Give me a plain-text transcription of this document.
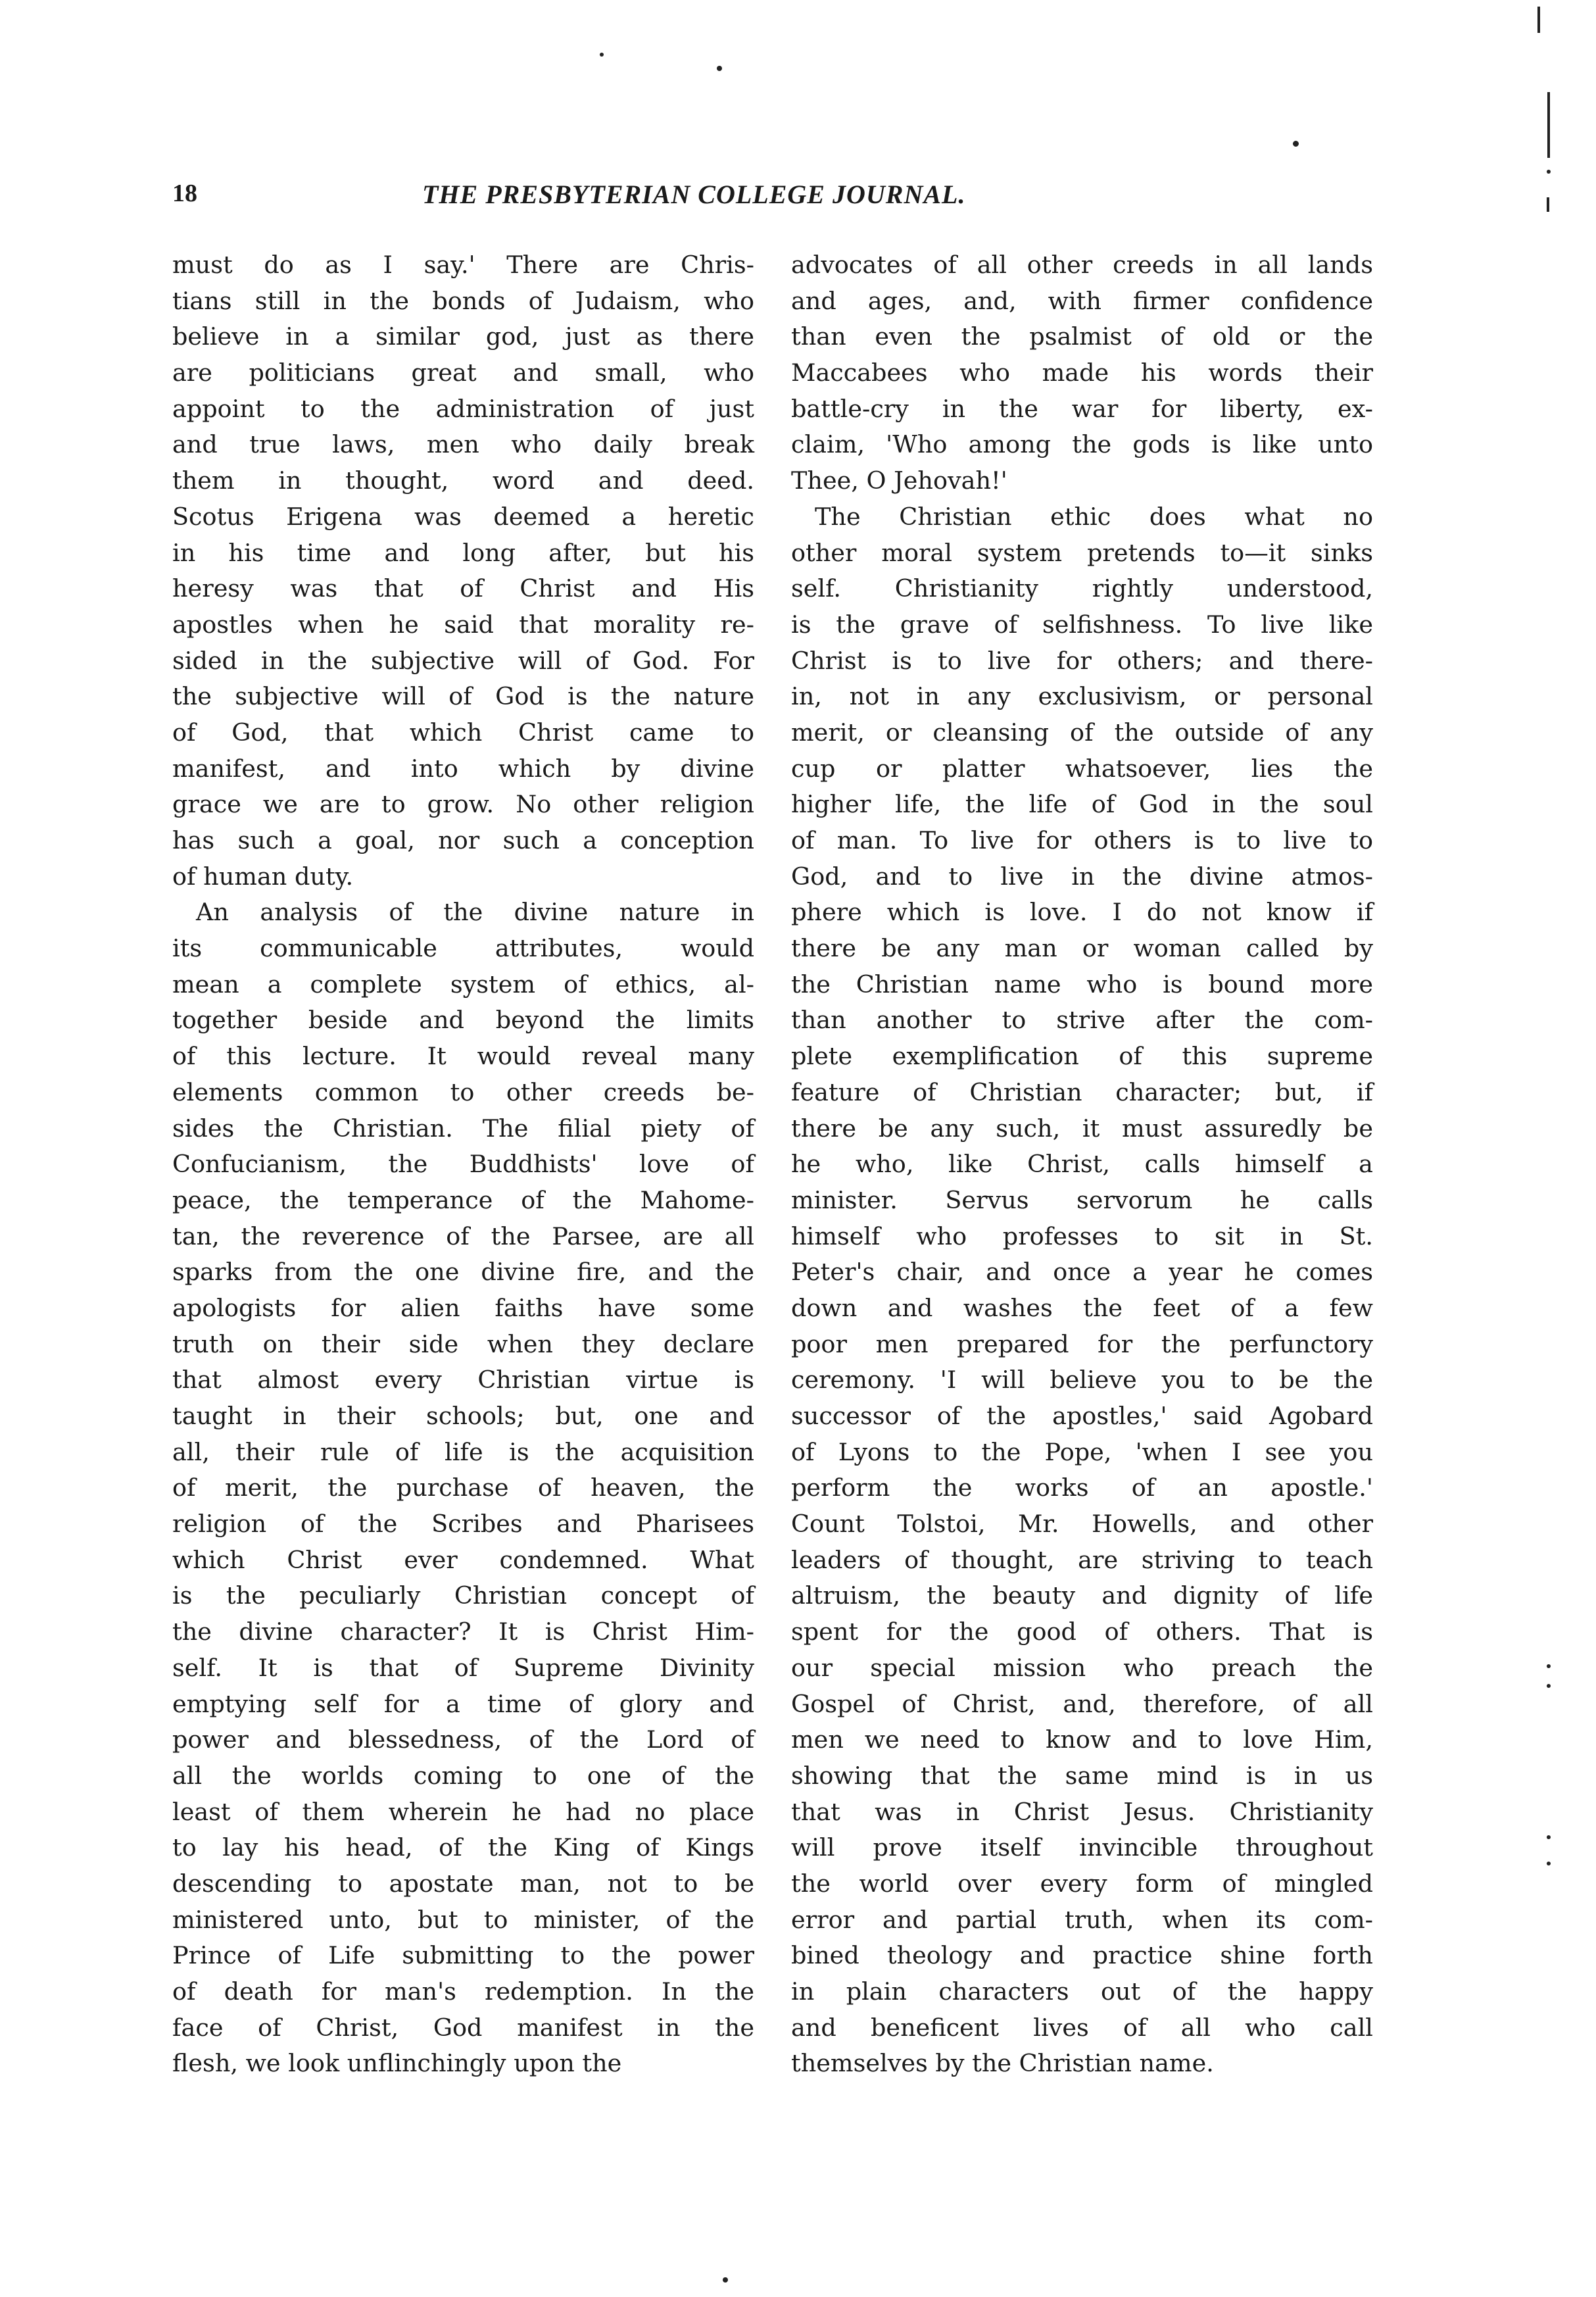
18	THE PRESBYTERIAN COLLEGE JOURNAL.
must do as I say.' There are Chris-
tians still in the bonds of Judaism, who
believe in a similar god, just as there
are politicians great and small, who
appoint to the administration of just
and true laws, men who daily break
them in thought, word and deed.
Scotus Erigena was deemed a heretic
in his time and long after, but his
heresy was that of Christ and His
apostles when he said that morality re-
sided in the subjective will of God. For
the subjective will of God is the nature
of God, that which Christ came to
manifest, and into which by divine
grace we are to grow. No other religion
has such a goal, nor such a conception
of human duty.
An analysis of the divine nature in
its communicable attributes, would
mean a complete system of ethics, al-
together beside and beyond the limits
of this lecture. It would reveal many
elements common to other creeds be-
sides the Christian. The filial piety of
Confucianism, the Buddhists' love of
peace, the temperance of the Mahome-
tan, the reverence of the Parsee, are all
sparks from the one divine fire, and the
apologists for alien faiths have some
truth on their side when they declare
that almost every Christian virtue is
taught in their schools; but, one and
all, their rule of life is the acquisition
of merit, the purchase of heaven, the
religion of the Scribes and Pharisees
which Christ ever condemned. What
is the peculiarly Christian concept of
the divine character? It is Christ Him-
self. It is that of Supreme Divinity
emptying self for a time of glory and
power and blessedness, of the Lord of
all the worlds coming to one of the
least of them wherein he had no place
to lay his head, of the King of Kings
descending to apostate man, not to be
ministered unto, but to minister, of the
Prince of Life submitting to the power
of death for man's redemption. In the
face of Christ, God manifest in the
flesh, we look unflinchingly upon the
advocates of all other creeds in all lands
and ages, and, with firmer confidence
than even the psalmist of old or the
Maccabees who made his words their
battle-cry in the war for liberty, ex-
claim, 'Who among the gods is like unto
Thee, O Jehovah!'
The Christian ethic does what no
other moral system pretends to—it sinks
self. Christianity rightly understood,
is the grave of selfishness. To live like
Christ is to live for others; and there-
in, not in any exclusivism, or personal
merit, or cleansing of the outside of any
cup or platter whatsoever, lies the
higher life, the life of God in the soul
of man. To live for others is to live to
God, and to live in the divine atmos-
phere which is love. I do not know if
there be any man or woman called by
the Christian name who is bound more
than another to strive after the com-
plete exemplification of this supreme
feature of Christian character; but, if
there be any such, it must assuredly be
he who, like Christ, calls himself a
minister. Servus servorum he calls
himself who professes to sit in St.
Peter's chair, and once a year he comes
down and washes the feet of a few
poor men prepared for the perfunctory
ceremony. 'I will believe you to be the
successor of the apostles,' said Agobard
of Lyons to the Pope, 'when I see you
perform the works of an apostle.'
Count Tolstoi, Mr. Howells, and other
leaders of thought, are striving to teach
altruism, the beauty and dignity of life
spent for the good of others. That is
our special mission who preach the
Gospel of Christ, and, therefore, of all
men we need to know and to love Him,
showing that the same mind is in us
that was in Christ Jesus. Christianity
will prove itself invincible throughout
the world over every form of mingled
error and partial truth, when its com-
bined theology and practice shine forth
in plain characters out of the happy
and beneficent lives of all who call
themselves by the Christian name.
